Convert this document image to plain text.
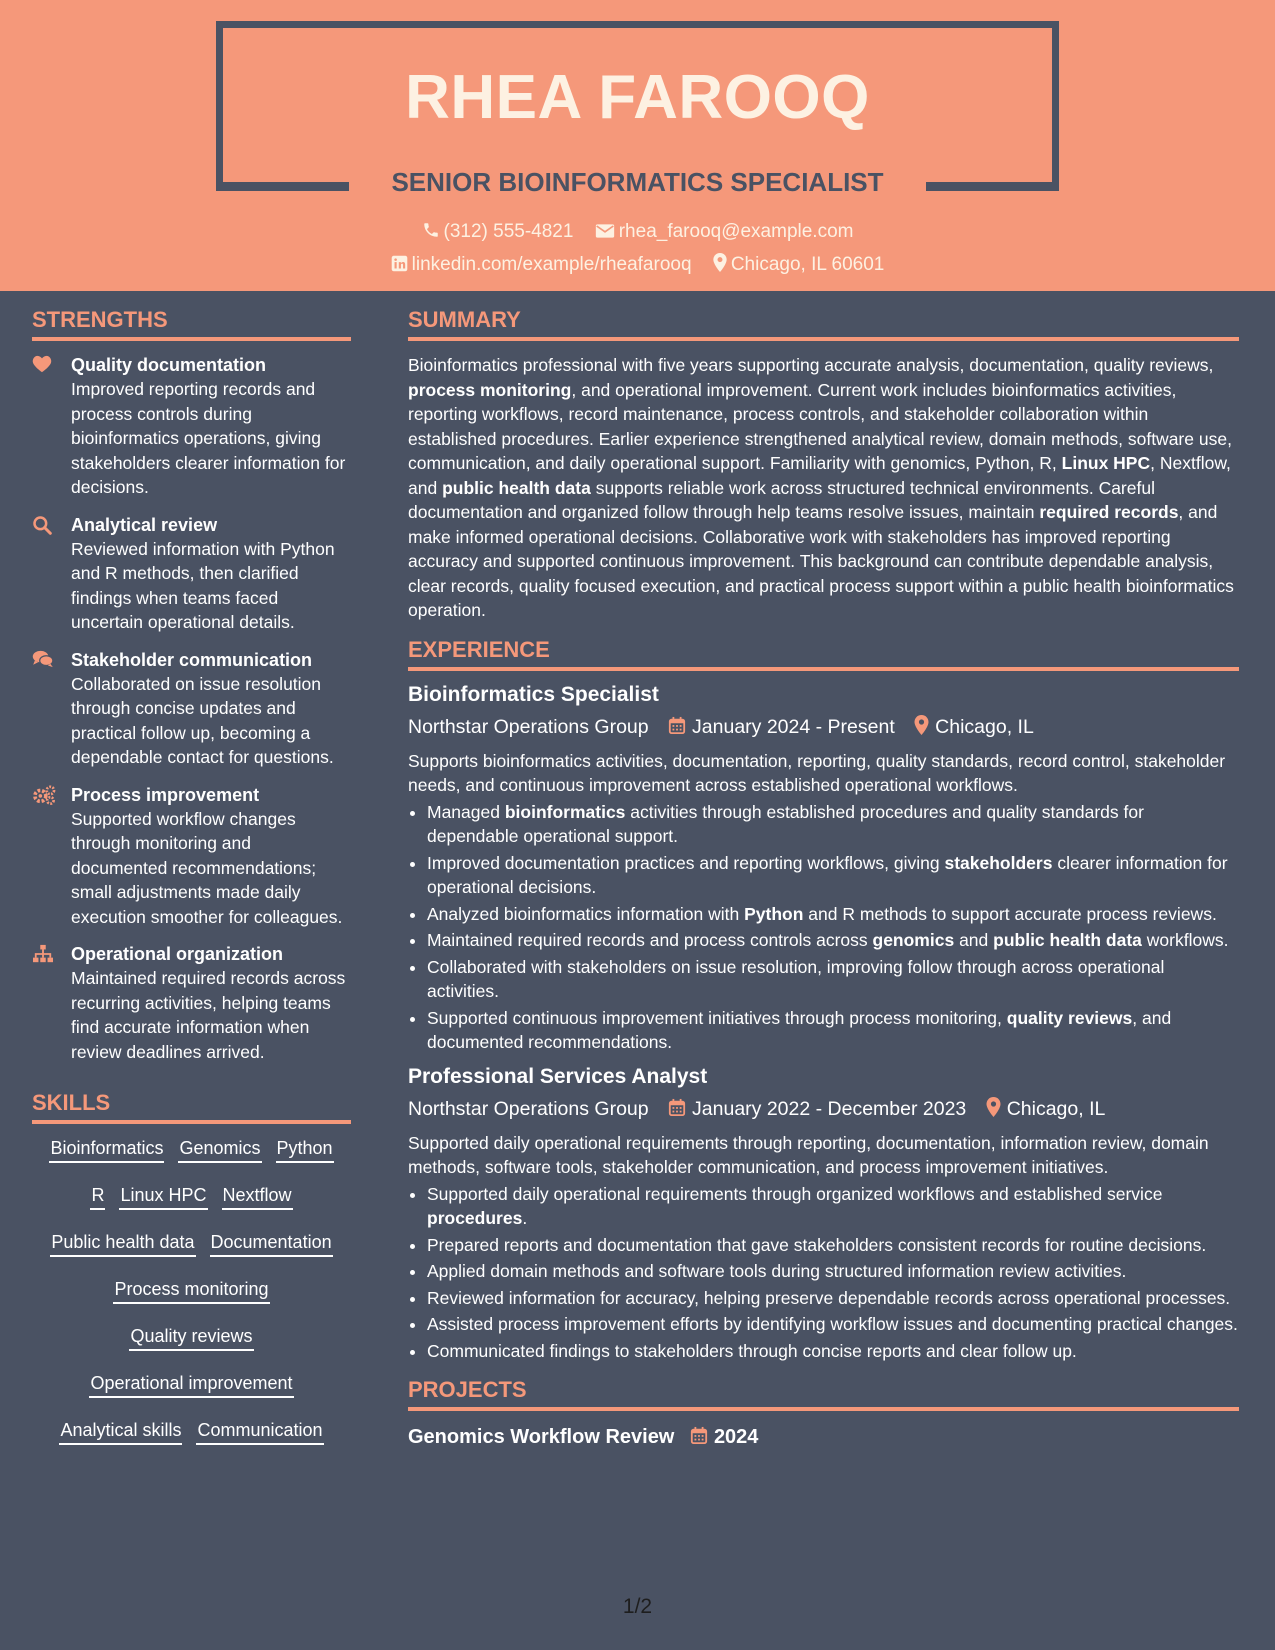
RHEA FAROOQ
SENIOR BIOINFORMATICS SPECIALIST
(312) 555-4821 rhea_farooq@example.com
linkedin.com/example/rheafarooq Chicago, IL 60601
STRENGTHS
Quality documentation
Improved reporting records and process controls during bioinformatics operations, giving stakeholders clearer information for decisions.
Analytical review
Reviewed information with Python and R methods, then clarified findings when teams faced uncertain operational details.
Stakeholder communication
Collaborated on issue resolution through concise updates and practical follow up, becoming a dependable contact for questions.
Process improvement
Supported workflow changes through monitoring and documented recommendations; small adjustments made daily execution smoother for colleagues.
Operational organization
Maintained required records across recurring activities, helping teams find accurate information when review deadlines arrived.
SKILLS
Bioinformatics Genomics Python
R Linux HPC Nextflow
Public health data Documentation
Process monitoring
Quality reviews
Operational improvement
Analytical skills Communication
SUMMARY
Bioinformatics professional with five years supporting accurate analysis, documentation, quality reviews, process monitoring, and operational improvement. Current work includes bioinformatics activities, reporting workflows, record maintenance, process controls, and stakeholder collaboration within established procedures. Earlier experience strengthened analytical review, domain methods, software use, communication, and daily operational support. Familiarity with genomics, Python, R, Linux HPC, Nextflow, and public health data supports reliable work across structured technical environments. Careful documentation and organized follow through help teams resolve issues, maintain required records, and make informed operational decisions. Collaborative work with stakeholders has improved reporting accuracy and supported continuous improvement. This background can contribute dependable analysis, clear records, quality focused execution, and practical process support within a public health bioinformatics operation.
EXPERIENCE
Bioinformatics Specialist
Northstar Operations Group January 2024 - Present Chicago, IL
Supports bioinformatics activities, documentation, reporting, quality standards, record control, stakeholder needs, and continuous improvement across established operational workflows.
• Managed bioinformatics activities through established procedures and quality standards for dependable operational support.
• Improved documentation practices and reporting workflows, giving stakeholders clearer information for operational decisions.
• Analyzed bioinformatics information with Python and R methods to support accurate process reviews.
• Maintained required records and process controls across genomics and public health data workflows.
• Collaborated with stakeholders on issue resolution, improving follow through across operational activities.
• Supported continuous improvement initiatives through process monitoring, quality reviews, and documented recommendations.
Professional Services Analyst
Northstar Operations Group January 2022 - December 2023 Chicago, IL
Supported daily operational requirements through reporting, documentation, information review, domain methods, software tools, stakeholder communication, and process improvement initiatives.
• Supported daily operational requirements through organized workflows and established service procedures.
• Prepared reports and documentation that gave stakeholders consistent records for routine decisions.
• Applied domain methods and software tools during structured information review activities.
• Reviewed information for accuracy, helping preserve dependable records across operational processes.
• Assisted process improvement efforts by identifying workflow issues and documenting practical changes.
• Communicated findings to stakeholders through concise reports and clear follow up.
PROJECTS
Genomics Workflow Review 2024
1/2
